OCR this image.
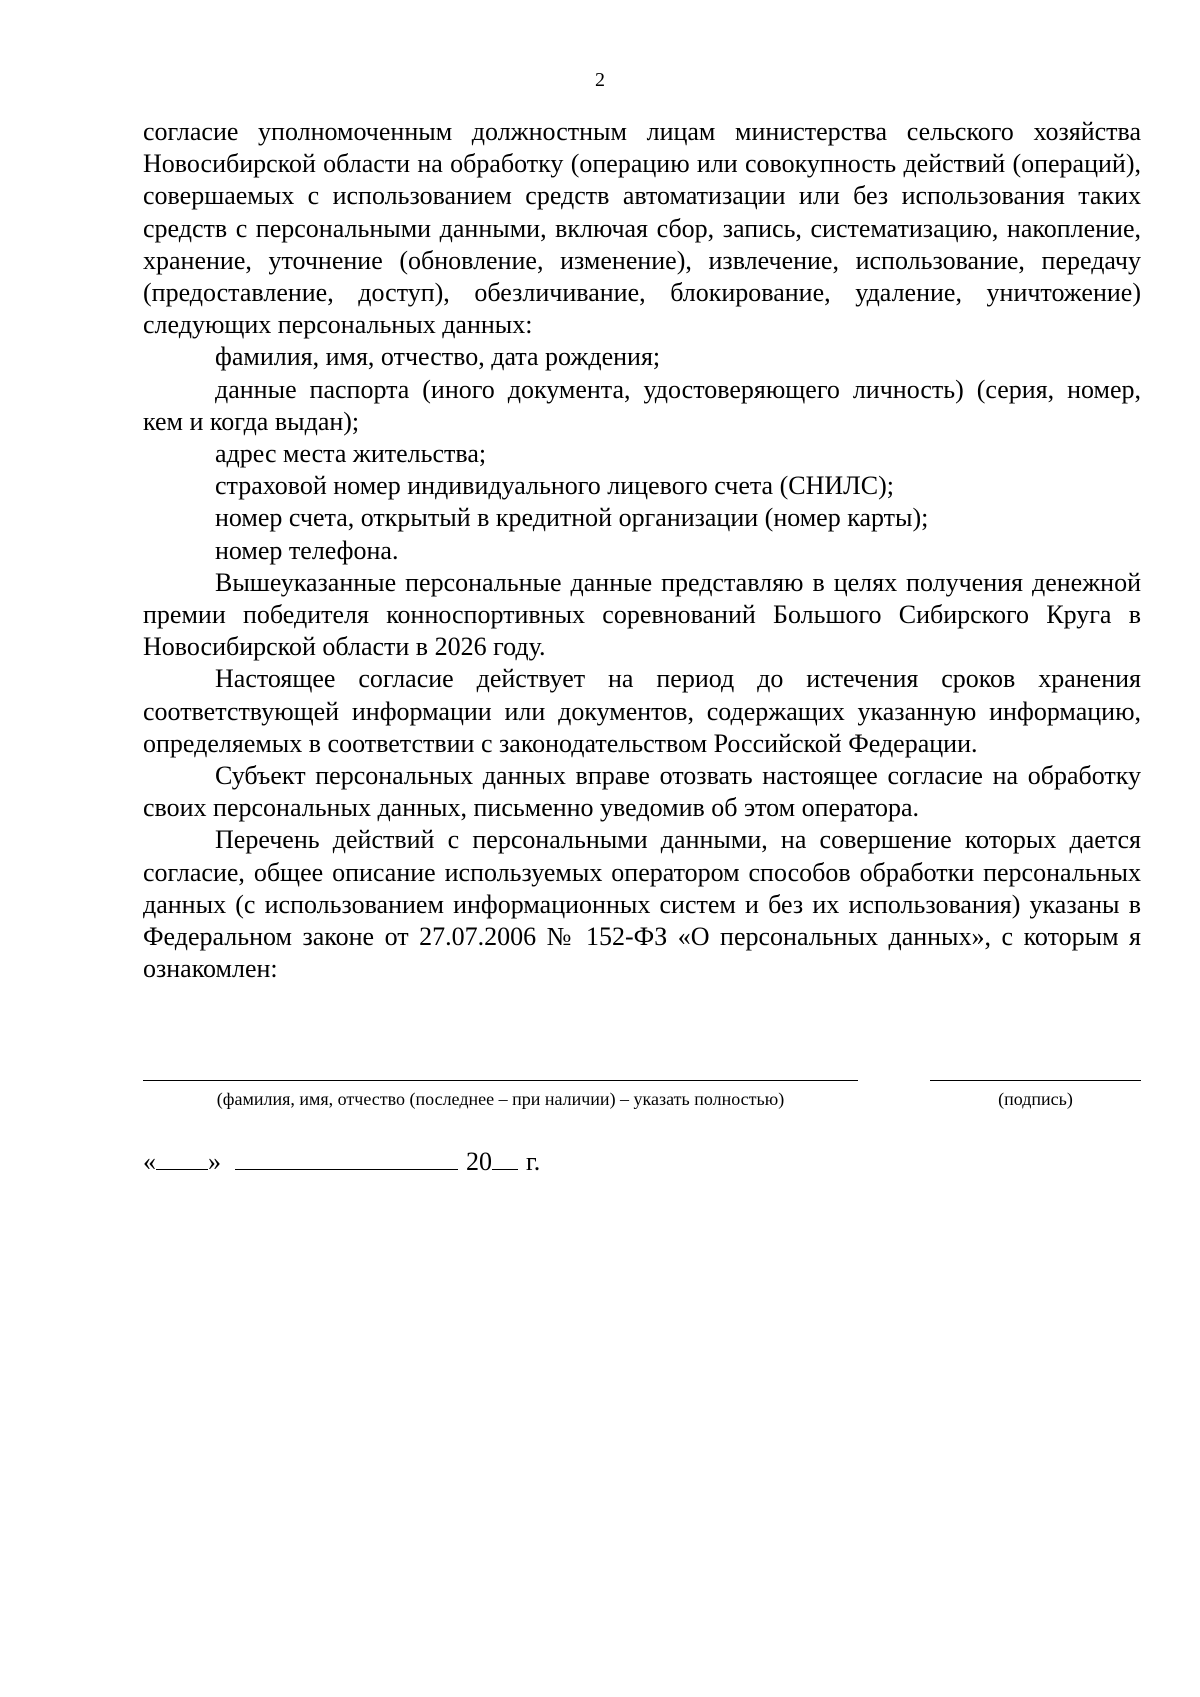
2

согласие уполномоченным должностным лицам министерства сельского хозяйства Новосибирской области на обработку (операцию или совокупность действий (операций), совершаемых с использованием средств автоматизации или без использования таких средств с персональными данными, включая сбор, запись, систематизацию, накопление, хранение, уточнение (обновление, изменение), извлечение, использование, передачу (предоставление, доступ), обезличивание, блокирование, удаление, уничтожение) следующих персональных данных:

фамилия, имя, отчество, дата рождения;

данные паспорта (иного документа, удостоверяющего личность) (серия, номер, кем и когда выдан);

адрес места жительства;

страховой номер индивидуального лицевого счета (СНИЛС);

номер счета, открытый в кредитной организации (номер карты);

номер телефона.

Вышеуказанные персональные данные представляю в целях получения денежной премии победителя конноспортивных соревнований Большого Сибирского Круга в Новосибирской области в 2026 году.

Настоящее согласие действует на период до истечения сроков хранения соответствующей информации или документов, содержащих указанную информацию, определяемых в соответствии с законодательством Российской Федерации.

Субъект персональных данных вправе отозвать настоящее согласие на обработку своих персональных данных, письменно уведомив об этом оператора.

Перечень действий с персональными данными, на совершение которых дается согласие, общее описание используемых оператором способов обработки персональных данных (с использованием информационных систем и без их использования) указаны в Федеральном законе от 27.07.2006 № 152-ФЗ «О персональных данных», с которым я ознакомлен:

(фамилия, имя, отчество (последнее – при наличии) – указать полностью)	(подпись)
« »	20 г.
